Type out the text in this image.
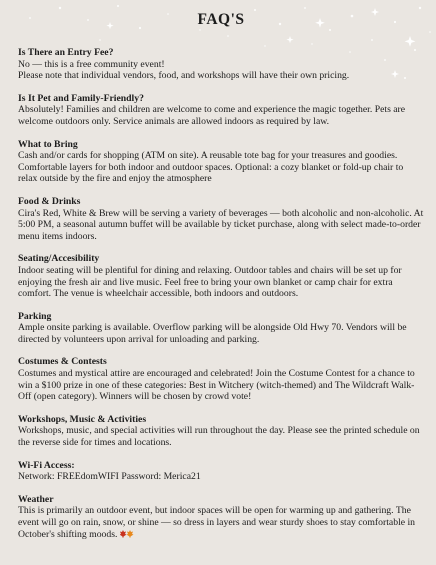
FAQ'S

Is There an Entry Fee?

No — this is a free community event!
Please note that individual vendors, food, and workshops will have their own pricing.

Is It Pet and Family-Friendly?

Absolutely! Families and children are welcome to come and experience the magic together. Pets are welcome outdoors only. Service animals are allowed indoors as required by law.

What to Bring

Cash and/or cards for shopping (ATM on site). A reusable tote bag for your treasures and goodies. Comfortable layers for both indoor and outdoor spaces. Optional: a cozy blanket or fold-up chair to relax outside by the fire and enjoy the atmosphere

Food & Drinks

Cira's Red, White & Brew will be serving a variety of beverages — both alcoholic and non-alcoholic. At 5:00 PM, a seasonal autumn buffet will be available by ticket purchase, along with select made-to-order menu items indoors.

Seating/Accesibility

Indoor seating will be plentiful for dining and relaxing. Outdoor tables and chairs will be set up for enjoying the fresh air and live music. Feel free to bring your own blanket or camp chair for extra comfort. The venue is wheelchair accessible, both indoors and outdoors.

Parking

Ample onsite parking is available. Overflow parking will be alongside Old Hwy 70. Vendors will be directed by volunteers upon arrival for unloading and parking.

Costumes & Contests

Costumes and mystical attire are encouraged and celebrated! Join the Costume Contest for a chance to win a $100 prize in one of these categories: Best in Witchery (witch-themed) and The Wildcraft Walk-Off (open category). Winners will be chosen by crowd vote!

Workshops, Music & Activities

Workshops, music, and special activities will run throughout the day. Please see the printed schedule on the reverse side for times and locations.

Wi-Fi Access:

Network: FREEdomWIFI Password: Merica21

Weather

This is primarily an outdoor event, but indoor spaces will be open for warming up and gathering. The event will go on rain, snow, or shine — so dress in layers and wear sturdy shoes to stay comfortable in October's shifting moods.
